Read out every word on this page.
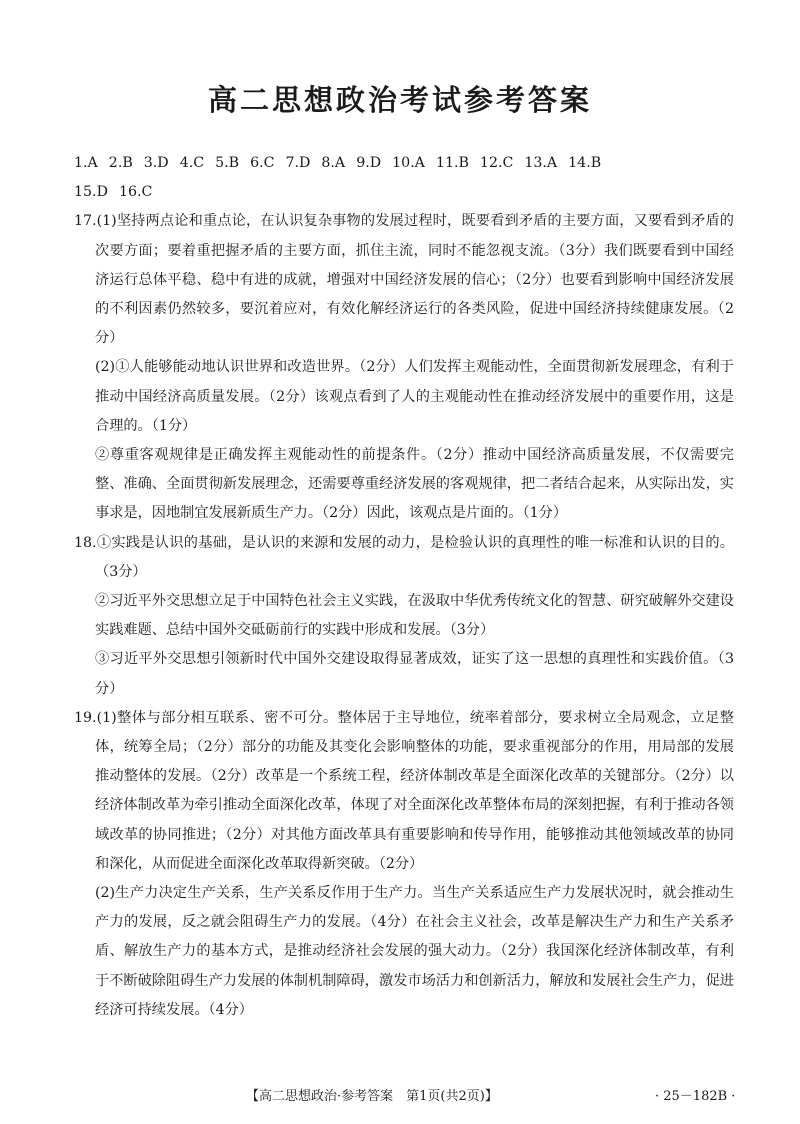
高二思想政治考试参考答案

1.A 2.B 3.D 4.C 5.B 6.C 7.D 8.A 9.D 10.A 11.B 12.C 13.A 14.B
15.D 16.C

17.(1)坚持两点论和重点论，在认识复杂事物的发展过程时，既要看到矛盾的主要方面，又要看到矛盾的次要方面；要着重把握矛盾的主要方面，抓住主流，同时不能忽视支流。（3分）我们既要看到中国经济运行总体平稳、稳中有进的成就，增强对中国经济发展的信心；（2分）也要看到影响中国经济发展的不利因素仍然较多，要沉着应对，有效化解经济运行的各类风险，促进中国经济持续健康发展。（2分）

(2)①人能够能动地认识世界和改造世界。（2分）人们发挥主观能动性，全面贯彻新发展理念，有利于推动中国经济高质量发展。（2分）该观点看到了人的主观能动性在推动经济发展中的重要作用，这是合理的。（1分）

②尊重客观规律是正确发挥主观能动性的前提条件。（2分）推动中国经济高质量发展，不仅需要完整、准确、全面贯彻新发展理念，还需要尊重经济发展的客观规律，把二者结合起来，从实际出发，实事求是，因地制宜发展新质生产力。（2分）因此，该观点是片面的。（1分）

18.①实践是认识的基础，是认识的来源和发展的动力，是检验认识的真理性的唯一标准和认识的目的。（3分）

②习近平外交思想立足于中国特色社会主义实践，在汲取中华优秀传统文化的智慧、研究破解外交建设实践难题、总结中国外交砥砺前行的实践中形成和发展。（3分）

③习近平外交思想引领新时代中国外交建设取得显著成效，证实了这一思想的真理性和实践价值。（3分）

19.(1)整体与部分相互联系、密不可分。整体居于主导地位，统率着部分，要求树立全局观念，立足整体，统筹全局；（2分）部分的功能及其变化会影响整体的功能，要求重视部分的作用，用局部的发展推动整体的发展。（2分）改革是一个系统工程，经济体制改革是全面深化改革的关键部分。（2分）以经济体制改革为牵引推动全面深化改革，体现了对全面深化改革整体布局的深刻把握，有利于推动各领域改革的协同推进；（2分）对其他方面改革具有重要影响和传导作用，能够推动其他领域改革的协同和深化，从而促进全面深化改革取得新突破。（2分）

(2)生产力决定生产关系，生产关系反作用于生产力。当生产关系适应生产力发展状况时，就会推动生产力的发展，反之就会阻碍生产力的发展。（4分）在社会主义社会，改革是解决生产力和生产关系矛盾、解放生产力的基本方式，是推动经济社会发展的强大动力。（2分）我国深化经济体制改革，有利于不断破除阻碍生产力发展的体制机制障碍，激发市场活力和创新活力，解放和发展社会生产力，促进经济可持续发展。（4分）

【高二思想政治·参考答案　第1页(共2页)】	· 25－182B ·
